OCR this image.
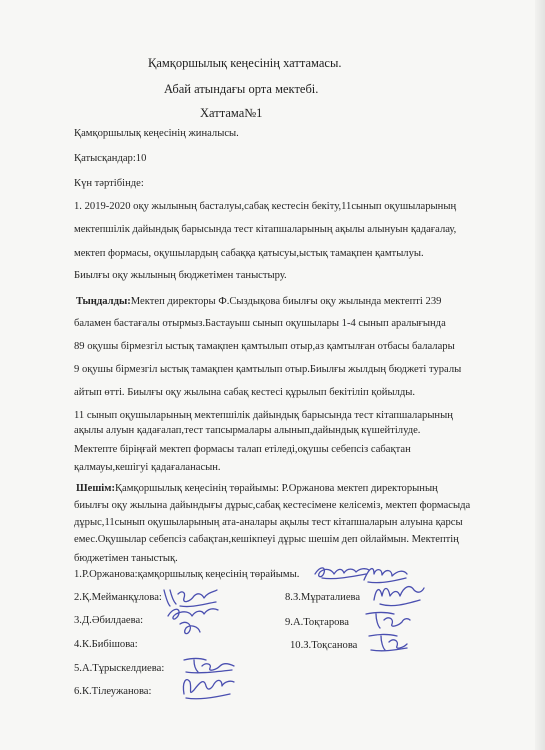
Қамқоршылық кеңесінің хаттамасы.
Абай атындағы орта мектебі.
Хаттама№1
Қамқоршылық кеңесінің жиналысы.
Қатысқандар:10
Күн тәртібінде:
1. 2019-2020 оқу жылының басталуы,сабақ кестесін бекіту,11сынып оқушыларының
мектепшілік дайындық барысында тест кітапшаларының ақылы алынуын қадағалау,
мектеп формасы, оқушылардың сабаққа қатысуы,ыстық тамақпен қамтылуы.
Биылғы оқу жылының бюджетімен таныстыру.
Тыңдалды:Мектеп директоры Ф.Сыздықова биылғы оқу жылында мектепті 239
баламен бастағалы отырмыз.Бастауыш сынып оқушылары 1-4 сынып аралығында
89 оқушы бірмезгіл ыстық тамақпен қамтылып отыр,аз қамтылған отбасы балалары
9 оқушы бірмезгіл ыстық тамақпен қамтылып отыр.Биылғы жылдың бюджеті туралы
айтып өтті. Биылғы оқу жылына сабақ кестесі құрылып бекітіліп қойылды.
11 сынып оқушыларының мектепшілік дайындық барысында тест кітапшаларының
ақылы алуын қадағалап,тест тапсырмалары алынып,дайындық күшейтілуде.
Мектепте біріңғай мектеп формасы талап етіледі,оқушы себепсіз сабақтан
қалмауы,кешігуі қадағаланасын.
Шешім:Қамқоршылық кеңесінің төрайымы: Р.Оржанова мектеп директорының
биылғы оқу жылына дайындығы дұрыс,сабақ кестесімене келісеміз, мектеп формасыда
дұрыс,11сынып оқушыларының ата-аналары ақылы тест кітапшаларын алуына қарсы
емес.Оқушылар себепсіз сабақтан,кешікпеуі дұрыс шешім деп ойлаймын. Мектептің
бюджетімен таныстық.
1.Р.Оржанова:қамқоршылық кеңесінің төрайымы.
2.Қ.Мейманқұлова:
3.Д.Әбилдаева:
4.К.Бибішова:
5.А.Тұрыскелдиева:
6.К.Тілеужанова:
8.З.Мұраталиева
9.А.Тоқтарова
10.З.Тоқсанова
